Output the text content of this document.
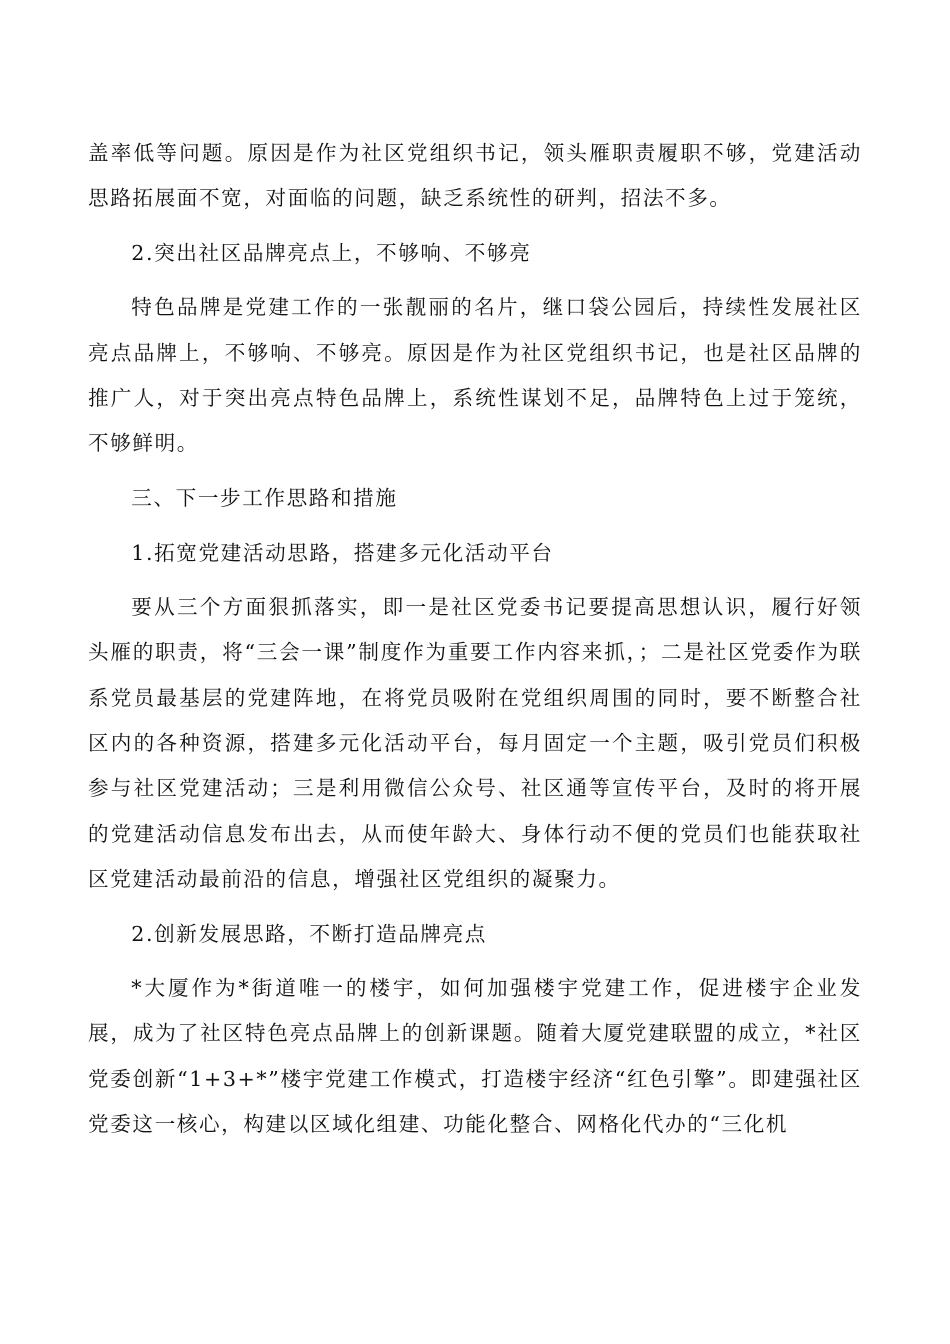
盖率低等问题。原因是作为社区党组织书记，领头雁职责履职不够，党建活动思路拓展面不宽，对面临的问题，缺乏系统性的研判，招法不多。

2.突出社区品牌亮点上，不够响、不够亮

特色品牌是党建工作的一张靓丽的名片，继口袋公园后，持续性发展社区亮点品牌上，不够响、不够亮。原因是作为社区党组织书记，也是社区品牌的推广人，对于突出亮点特色品牌上，系统性谋划不足，品牌特色上过于笼统，不够鲜明。

三、下一步工作思路和措施

1.拓宽党建活动思路，搭建多元化活动平台

要从三个方面狠抓落实，即一是社区党委书记要提高思想认识，履行好领头雁的职责，将“三会一课”制度作为重要工作内容来抓，；二是社区党委作为联系党员最基层的党建阵地，在将党员吸附在党组织周围的同时，要不断整合社区内的各种资源，搭建多元化活动平台，每月固定一个主题，吸引党员们积极参与社区党建活动；三是利用微信公众号、社区通等宣传平台，及时的将开展的党建活动信息发布出去，从而使年龄大、身体行动不便的党员们也能获取社区党建活动最前沿的信息，增强社区党组织的凝聚力。

2.创新发展思路，不断打造品牌亮点

*大厦作为*街道唯一的楼宇，如何加强楼宇党建工作，促进楼宇企业发展，成为了社区特色亮点品牌上的创新课题。随着大厦党建联盟的成立，*社区党委创新“1+3+*”楼宇党建工作模式，打造楼宇经济“红色引擎”。即建强社区党委这一核心，构建以区域化组建、功能化整合、网格化代办的“三化机
